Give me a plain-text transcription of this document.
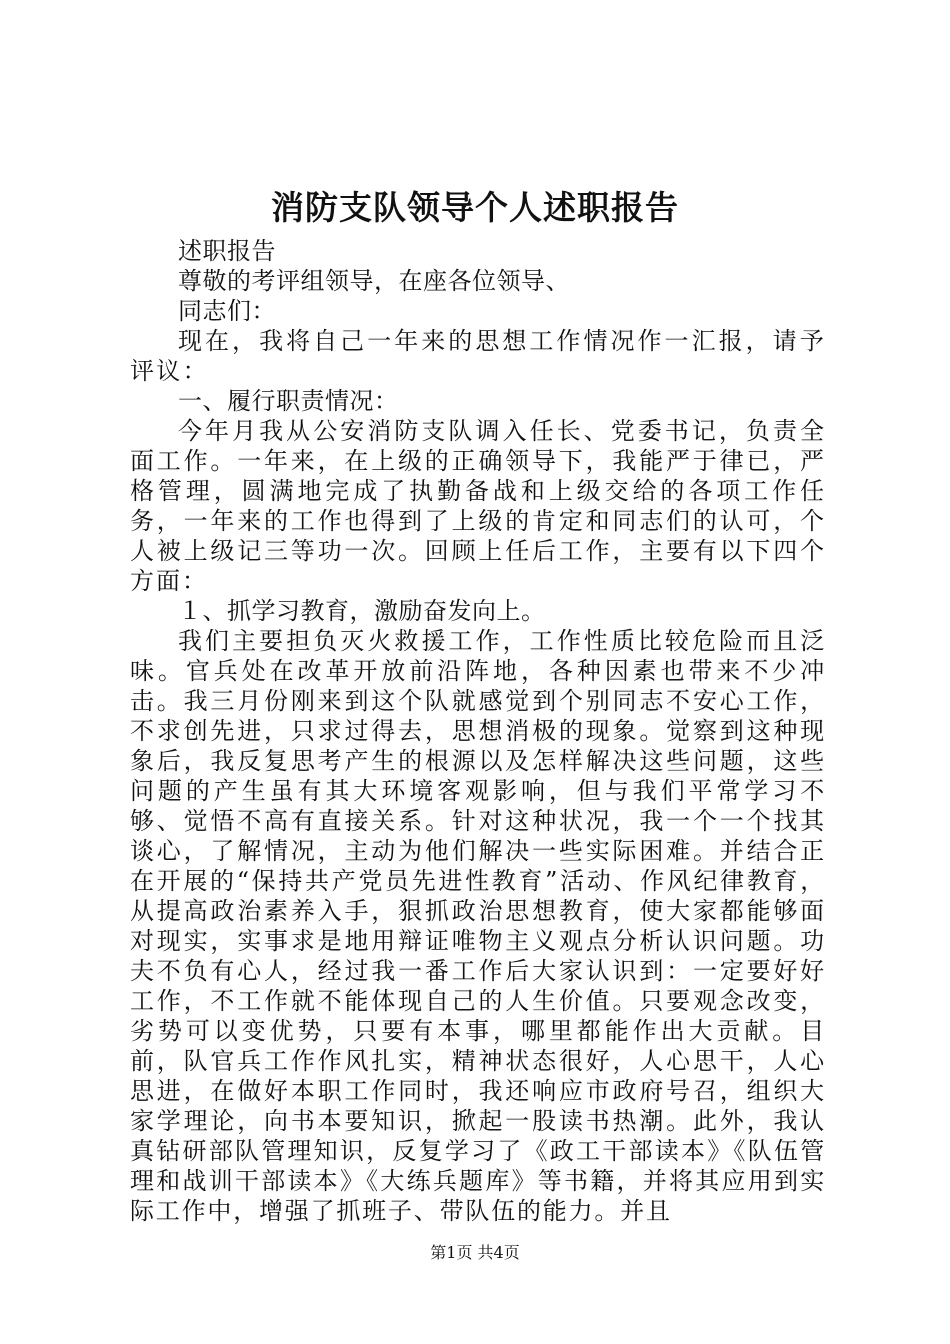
消防支队领导个人述职报告

述职报告

尊敬的考评组领导，在座各位领导、

同志们：

现在，我将自己一年来的思想工作情况作一汇报，请予评议：

一、履行职责情况：

今年月我从公安消防支队调入任长、党委书记，负责全面工作。一年来，在上级的正确领导下，我能严于律已，严格管理，圆满地完成了执勤备战和上级交给的各项工作任务，一年来的工作也得到了上级的肯定和同志们的认可，个人被上级记三等功一次。回顾上任后工作，主要有以下四个方面：

１、抓学习教育，激励奋发向上。

我们主要担负灭火救援工作，工作性质比较危险而且泛味。官兵处在改革开放前沿阵地，各种因素也带来不少冲击。我三月份刚来到这个队就感觉到个别同志不安心工作，不求创先进，只求过得去，思想消极的现象。觉察到这种现象后，我反复思考产生的根源以及怎样解决这些问题，这些问题的产生虽有其大环境客观影响，但与我们平常学习不够、觉悟不高有直接关系。针对这种状况，我一个一个找其谈心，了解情况，主动为他们解决一些实际困难。并结合正在开展的“保持共产党员先进性教育”活动、作风纪律教育，从提高政治素养入手，狠抓政治思想教育，使大家都能够面对现实，实事求是地用辩证唯物主义观点分析认识问题。功夫不负有心人，经过我一番工作后大家认识到：一定要好好工作，不工作就不能体现自己的人生价值。只要观念改变，劣势可以变优势，只要有本事，哪里都能作出大贡献。目前，队官兵工作作风扎实，精神状态很好，人心思干，人心思进，在做好本职工作同时，我还响应市政府号召，组织大家学理论，向书本要知识，掀起一股读书热潮。此外，我认真钻研部队管理知识，反复学习了《政工干部读本》《队伍管理和战训干部读本》《大练兵题库》等书籍，并将其应用到实际工作中，增强了抓班子、带队伍的能力。并且

第1页 共4页
